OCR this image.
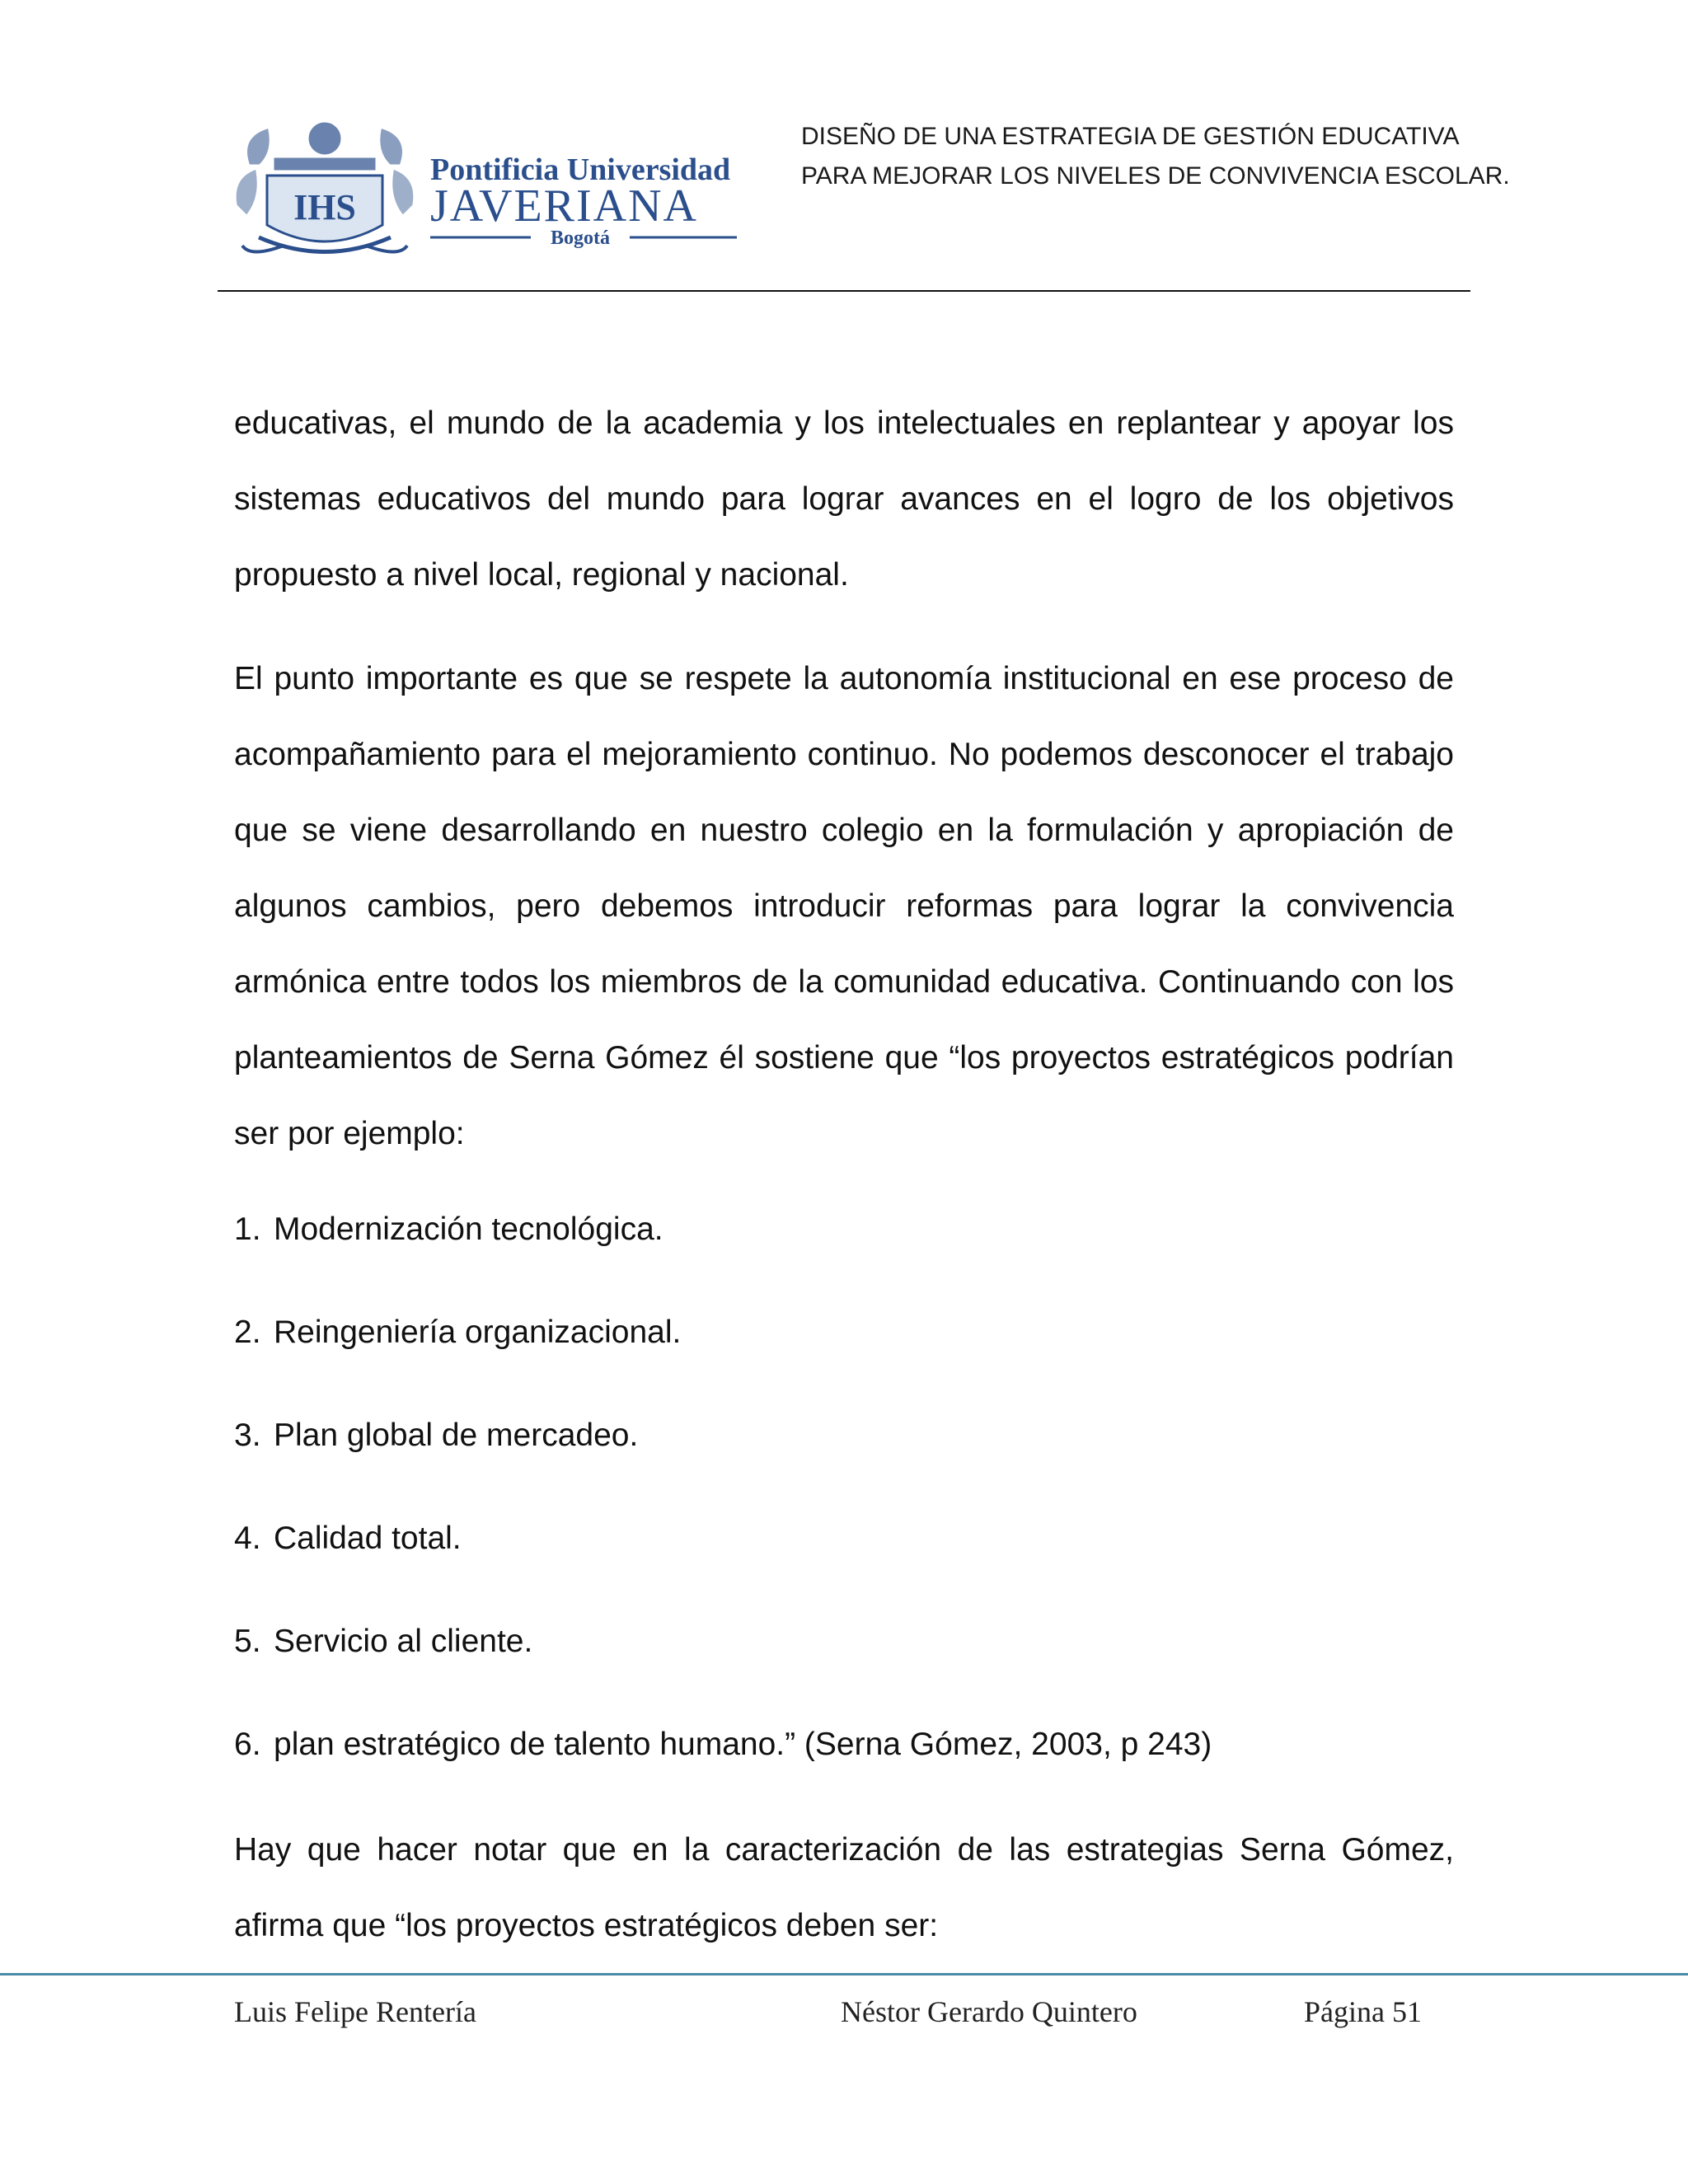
IHS
Pontificia Universidad
JAVERIANA
Bogotá
DISEÑO DE UNA ESTRATEGIA DE GESTIÓN EDUCATIVA
PARA MEJORAR LOS NIVELES DE CONVIVENCIA ESCOLAR.

educativas, el mundo de la academia y los intelectuales en replantear y apoyar los sistemas educativos del mundo para lograr avances en el logro de los objetivos propuesto a nivel local, regional y nacional.

El punto importante es que se respete la autonomía institucional en ese proceso de acompañamiento para el mejoramiento continuo. No podemos desconocer el trabajo que se viene desarrollando en nuestro colegio en la formulación y apropiación de algunos cambios, pero debemos introducir reformas para lograr la convivencia armónica entre todos los miembros de la comunidad educativa. Continuando con los planteamientos de Serna Gómez él sostiene que “los proyectos estratégicos podrían ser por ejemplo:

1. Modernización tecnológica.
2. Reingeniería organizacional.
3. Plan global de mercadeo.
4. Calidad total.
5. Servicio al cliente.
6. plan estratégico de talento humano.” (Serna Gómez, 2003, p 243)

Hay que hacer notar que en la caracterización de las estrategias Serna Gómez, afirma que “los proyectos estratégicos deben ser:

Luis Felipe Rentería	Néstor Gerardo Quintero	Página 51
